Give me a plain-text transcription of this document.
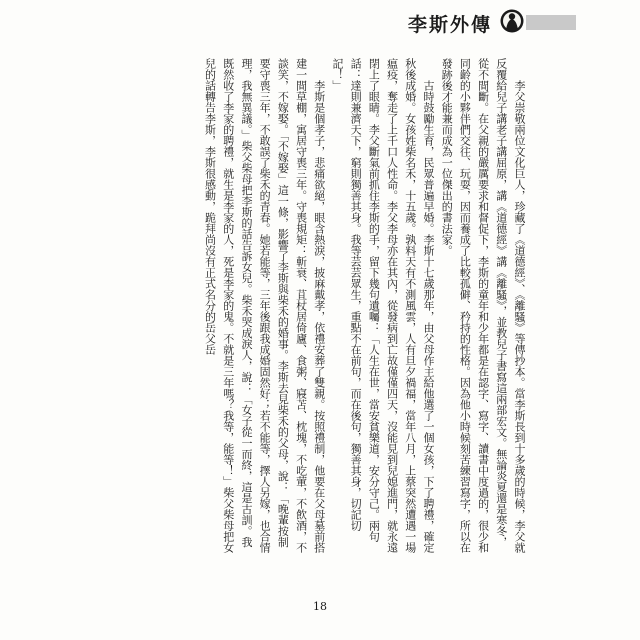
李斯外傳

李父崇敬兩位文化巨人，珍藏了《道德經》、《離騷》等傳抄本。當李斯長到十多歲的時候，李父就反覆給兒子講老子講屈原，講《道德經》講《離騷》，並教兒子書寫這兩部宏文。無論炎夏還是寒冬，從不間斷。在父親的嚴厲要求和督促下，李斯的童年和少年都是在認字、寫字、讀書中度過的，很少和同齡的小夥伴們交往、玩耍，因而養成了比較孤僻、矜持的性格。因為他小時候刻苦練習寫字，所以在發跡後才能兼而成為一位傑出的書法家。

古時鼓勵生育，民眾普遍早婚。李斯十七歲那年，由父母作主給他選了一個女孩，下了聘禮，確定秋後成婚。女孩姓柴名禾，十五歲。孰料天有不測風雲，人有旦夕禍福，當年八月，上蔡突然遭遇一場瘟疫，奪走了上千口人性命。李父李母亦在其內，從發病到亡故僅僅四天，沒能見到兒媳進門，就永遠閉上了眼睛。李父斷氣前抓住李斯的手，留下幾句遺囑：「人生在世，當安貧樂道，安分守己。兩句話：達則兼濟天下，窮則獨善其身。我等芸芸眾生，重點不在前句，而在後句，獨善其身，切記切記！」

李斯是個孝子，悲痛欲絕，眼含熱淚，披麻戴孝，依禮安葬了雙親。按照禮制，他要在父母墓前搭建一間草棚，寓居守喪三年。守喪規矩：斬衰、苴杖居倚廬、食粥、寢苫、枕塊，不吃葷，不飲酒，不談笑，不嫁娶。「不嫁娶」這一條，影響了李斯與柴禾的婚事。李斯去見柴禾的父母，說：「晚輩按制要守喪三年，不敢誤了柴禾的青春。她若能等，三年後跟我成婚固然好；若不能等，擇人另嫁，也合情理，我無異議。」柴父柴母把李斯的話告訴女兒。柴禾哭成淚人，說：「女子從一而終，這是古訓。我既然收了李家的聘禮，就生是李家的人，死是李家的鬼。不就是三年嗎？我等，能等！」柴父柴母把女兒的話轉告李斯，李斯很感動，跪拜尚沒有正式名分的岳父岳

18
